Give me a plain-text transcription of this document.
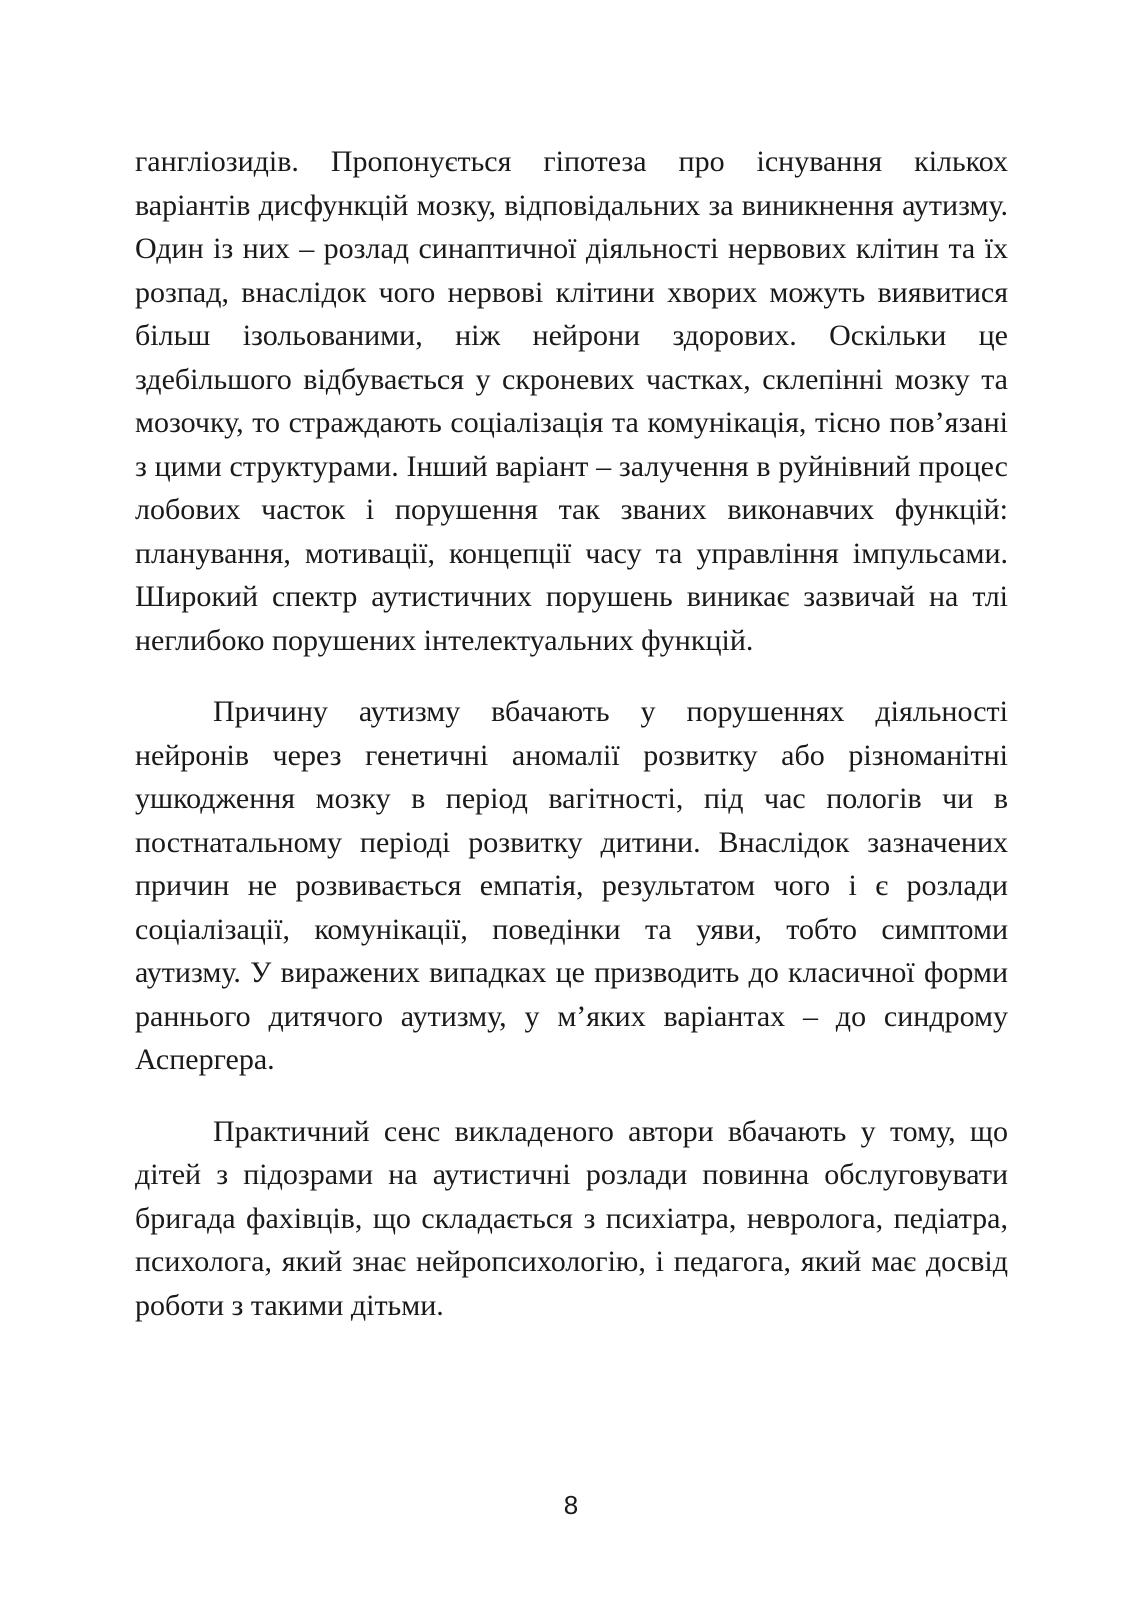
гангліозидів. Пропонується гіпотеза про існування кількох варіантів дисфункцій мозку, відповідальних за виникнення аутизму. Один із них – розлад синаптичної діяльності нервових клітин та їх розпад, внаслідок чого нервові клітини хворих можуть виявитися більш ізольованими, ніж нейрони здорових. Оскільки це здебільшого відбувається у скроневих частках, склепінні мозку та мозочку, то страждають соціалізація та комунікація, тісно пов’язані з цими структурами. Інший варіант – залучення в руйнівний процес лобових часток і порушення так званих виконавчих функцій: планування, мотивації, концепції часу та управління імпульсами. Широкий спектр аутистичних порушень виникає зазвичай на тлі неглибоко порушених інтелектуальних функцій.

Причину аутизму вбачають у порушеннях діяльності нейронів через генетичні аномалії розвитку або різноманітні ушкодження мозку в період вагітності, під час пологів чи в постнатальному періоді розвитку дитини. Внаслідок зазначених причин не розвивається емпатія, результатом чого і є розлади соціалізації, комунікації, поведінки та уяви, тобто симптоми аутизму. У виражених випадках це призводить до класичної форми раннього дитячого аутизму, у м’яких варіантах – до синдрому Аспергера.

Практичний сенс викладеного автори вбачають у тому, що дітей з підозрами на аутистичні розлади повинна обслуговувати бригада фахівців, що складається з психіатра, невролога, педіатра, психолога, який знає нейропсихологію, і педагога, який має досвід роботи з такими дітьми.

8
